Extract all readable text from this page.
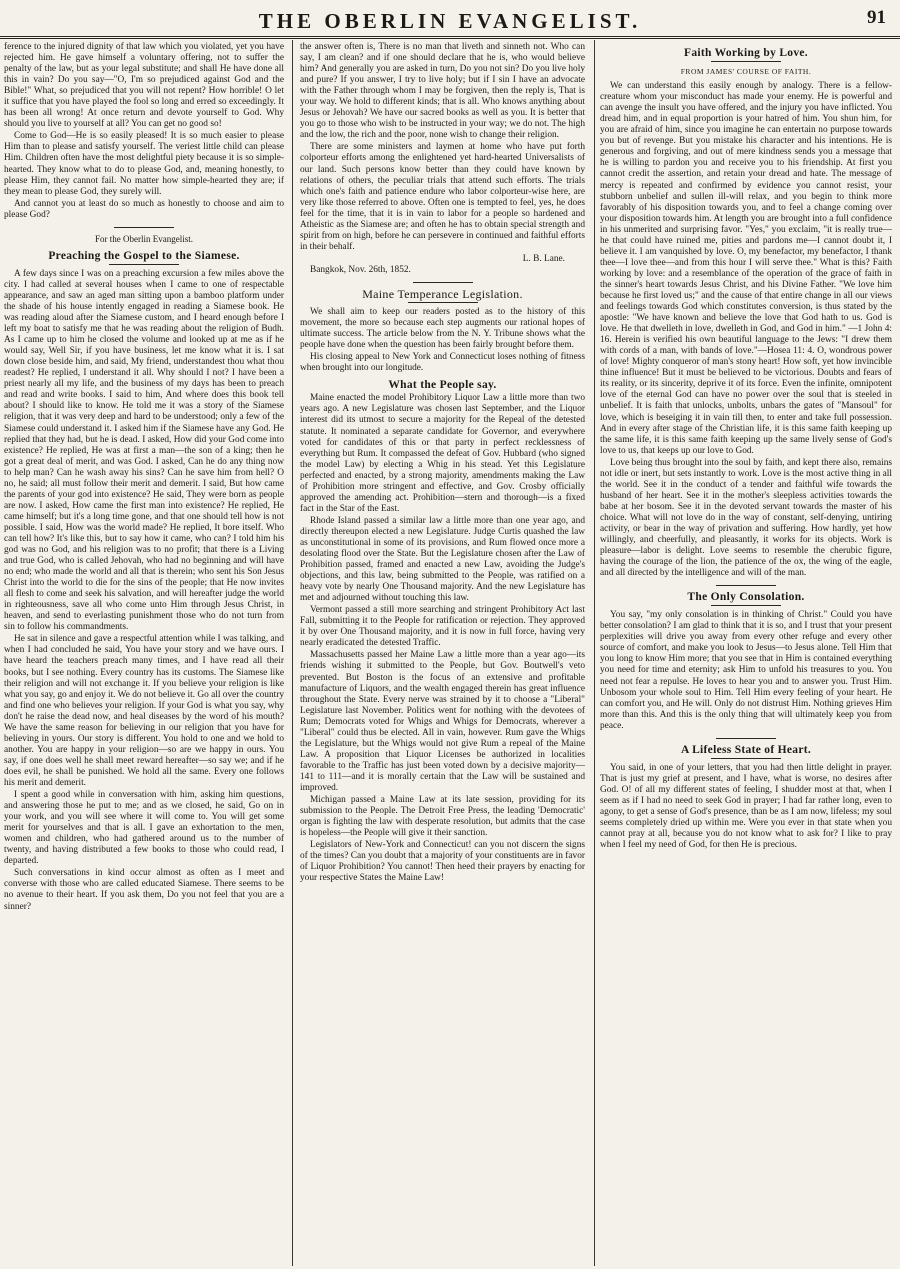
THE OBERLIN EVANGELIST.	91

ference to the injured dignity of that law which you violated, yet you have rejected him. He gave himself a voluntary offering, not to suffer the penalty of the law, but as your legal substitute; and shall He have done all this in vain? Do you say—"O, I'm so prejudiced against God and the Bible!" What, so prejudiced that you will not repent? How horrible! O let it suffice that you have played the fool so long and erred so exceedingly. It has been all wrong! At once return and devote yourself to God. Why should you live to yourself at all? You can get no good so!

Come to God—He is so easily pleased! It is so much easier to please Him than to please and satisfy yourself. The veriest little child can please Him. Children often have the most delightful piety because it is so simple-hearted. They know what to do to please God, and, meaning honestly, to please Him, they cannot fail. No matter how simple-hearted they are; if they mean to please God, they surely will.

And cannot you at least do so much as honestly to choose and aim to please God?

For the Oberlin Evangelist.
Preaching the Gospel to the Siamese.

A few days since I was on a preaching excursion a few miles above the city. I had called at several houses when I came to one of respectable appearance, and saw an aged man sitting upon a bamboo platform under the shade of his house intently engaged in reading a Siamese book. He was reading aloud after the Siamese custom, and I heard enough before I left my boat to satisfy me that he was reading about the religion of Budh. As I came up to him he closed the volume and looked up at me as if he would say, Well Sir, if you have business, let me know what it is. I sat down close beside him, and said, My friend, understandest thou what thou readest? He replied, I understand it all. Why should I not? I have been a priest nearly all my life, and the business of my days has been to preach and read and write books. I said to him, And where does this book tell about? I should like to know. He told me it was a story of the Siamese religion, that it was very deep and hard to be understood; only a few of the Siamese could understand it. I asked him if the Siamese have any God. He replied that they had, but he is dead. I asked, How did your God come into existence? He replied, He was at first a man—the son of a king; then he got a great deal of merit, and was God. I asked, Can he do any thing now to help man? Can he wash away his sins? Can he save him from hell? O no, he said; all must follow their merit and demerit. I said, But how came the parents of your god into existence? He said, They were born as people are now. I asked, How came the first man into existence? He replied, He came himself; but it's a long time gone, and that one should tell how is not possible. I said, How was the world made? He replied, It bore itself. Who can tell how? It's like this, but to say how it came, who can? I told him his god was no God, and his religion was to no profit; that there is a Living and true God, who is called Jehovah, who had no beginning and will have no end; who made the world and all that is therein; who sent his Son Jesus Christ into the world to die for the sins of the people; that He now invites all flesh to come and seek his salvation, and will hereafter judge the world in righteousness, save all who come unto Him through Jesus Christ, in heaven, and send to everlasting punishment those who do not turn from sin to follow his commandments.

He sat in silence and gave a respectful attention while I was talking, and when I had concluded he said, You have your story and we have ours. I have heard the teachers preach many times, and I have read all their books, but I see nothing. Every country has its customs. The Siamese like their religion and will not exchange it. If you believe your religion is like what you say, go and enjoy it. We do not believe it. Go all over the country and find one who believes your religion. If your God is what you say, why don't he raise the dead now, and heal diseases by the word of his mouth? We have the same reason for believing in our religion that you have for believing in yours. Our story is different. You hold to one and we hold to another. You are happy in your religion—so are we happy in ours. You say, if one does well he shall meet reward hereafter—so say we; and if he does evil, he shall be punished. We hold all the same. Every one follows his merit and demerit.

I spent a good while in conversation with him, asking him questions, and answering those he put to me; and as we closed, he said, Go on in your work, and you will see where it will come to. You will get some merit for yourselves and that is all. I gave an exhortation to the men, women and children, who had gathered around us to the number of twenty, and having distributed a few books to those who could read, I departed.

Such conversations in kind occur almost as often as I meet and converse with those who are called educated Siamese. There seems to be no avenue to their heart. If you ask them, Do you not feel that you are a sinner?

the answer often is, There is no man that liveth and sinneth not. Who can say, I am clean? and if one should declare that he is, who would believe him? And generally you are asked in turn, Do you not sin? Do you live holy and pure? If you answer, I try to live holy; but if I sin I have an advocate with the Father through whom I may be forgiven, then the reply is, That is your way. We hold to different kinds; that is all. Who knows anything about Jesus or Jehovah? We have our sacred books as well as you. It is better that you go to those who wish to be instructed in your way; we do not. The high and the low, the rich and the poor, none wish to change their religion.

There are some ministers and laymen at home who have put forth colporteur efforts among the enlightened yet hard-hearted Universalists of our land. Such persons know better than they could have known by relations of others, the peculiar trials that attend such efforts. The trials which one's faith and patience endure who labor colporteur-wise here, are very like those referred to above. Often one is tempted to feel, yes, he does feel for the time, that it is in vain to labor for a people so hardened and Atheistic as the Siamese are; and often he has to obtain special strength and spirit from on high, before he can persevere in continued and faithful efforts in their behalf.

L. B. Lane.
Bangkok, Nov. 26th, 1852.
Maine Temperance Legislation.

We shall aim to keep our readers posted as to the history of this movement, the more so because each step augments our rational hopes of ultimate success. The article below from the N. Y. Tribune shows what the people have done when the question has been fairly brought before them.

His closing appeal to New York and Connecticut loses nothing of fitness when brought into our longitude.

What the People say.

Maine enacted the model Prohibitory Liquor Law a little more than two years ago. A new Legislature was chosen last September, and the Liquor interest did its utmost to secure a majority for the Repeal of the detested statute. It nominated a separate candidate for Governor, and everywhere voted for candidates of this or that party in perfect recklessness of everything but Rum. It compassed the defeat of Gov. Hubbard (who signed the model Law) by electing a Whig in his stead. Yet this Legislature perfected and enacted, by a strong majority, amendments making the Law of Prohibition more stringent and effective, and Gov. Crosby officially approved the amending act. Prohibition—stern and thorough—is a fixed fact in the Star of the East.

Rhode Island passed a similar law a little more than one year ago, and directly thereupon elected a new Legislature. Judge Curtis quashed the law as unconstitutional in some of its provisions, and Rum flowed once more a desolating flood over the State. But the Legislature chosen after the Law of Prohibition passed, framed and enacted a new Law, avoiding the Judge's objections, and this law, being submitted to the People, was ratified on a heavy vote by nearly One Thousand majority. And the new Legislature has met and adjourned without touching this law.

Vermont passed a still more searching and stringent Prohibitory Act last Fall, submitting it to the People for ratification or rejection. They approved it by over One Thousand majority, and it is now in full force, having very nearly eradicated the detested Traffic.

Massachusetts passed her Maine Law a little more than a year ago—its friends wishing it submitted to the People, but Gov. Boutwell's veto prevented. But Boston is the focus of an extensive and profitable manufacture of Liquors, and the wealth engaged therein has great influence throughout the State. Every nerve was strained by it to choose a "Liberal" Legislature last November. Politics went for nothing with the devotees of Rum; Democrats voted for Whigs and Whigs for Democrats, wherever a "Liberal" could thus be elected. All in vain, however. Rum gave the Whigs the Legislature, but the Whigs would not give Rum a repeal of the Maine Law. A proposition that Liquor Licenses be authorized in localities favorable to the Traffic has just been voted down by a decisive majority—141 to 111—and it is morally certain that the Law will be sustained and improved.

Michigan passed a Maine Law at its late session, providing for its submission to the People. The Detroit Free Press, the leading 'Democratic' organ is fighting the law with desperate resolution, but admits that the case is hopeless—the People will give it their sanction.

Legislators of New-York and Connecticut! can you not discern the signs of the times? Can you doubt that a majority of your constituents are in favor of Liquor Prohibition? You cannot! Then heed their prayers by enacting for your respective States the Maine Law!

Faith Working by Love.
FROM JAMES' COURSE OF FAITH.

We can understand this easily enough by analogy. There is a fellow-creature whom your misconduct has made your enemy. He is powerful and can avenge the insult you have offered, and the injury you have inflicted. You dread him, and in equal proportion is your hatred of him. You shun him, for you are afraid of him, since you imagine he can entertain no purpose towards you but of revenge. But you mistake his character and his intentions. He is generous and forgiving, and out of mere kindness sends you a message that he is willing to pardon you and receive you to his friendship. At first you cannot credit the assertion, and retain your dread and hate. The message of mercy is repeated and confirmed by evidence you cannot resist, your stubborn unbelief and sullen ill-will relax, and you begin to think more favorably of his disposition towards you, and to feel a change coming over your disposition towards him. At length you are brought into a full confidence in his unmerited and surprising favor. "Yes," you exclaim, "it is really true—he that could have ruined me, pities and pardons me—I cannot doubt it, I believe it. I am vanquished by love. O, my benefactor, my benefactor, I thank thee—I love thee—and from this hour I will serve thee." What is this? Faith working by love: and a resemblance of the operation of the grace of faith in the sinner's heart towards Jesus Christ, and his Divine Father. "We love him because he first loved us;" and the cause of that entire change in all our views and feelings towards God which constitutes conversion, is thus stated by the apostle: "We have known and believe the love that God hath to us. God is love. He that dwelleth in love, dwelleth in God, and God in him." —1 John 4: 16. Herein is verified his own beautiful language to the Jews: "I drew them with cords of a man, with bands of love."—Hosea 11: 4. O, wondrous power of love! Mighty conqueror of man's stony heart! How soft, yet how invincible thine influence! But it must be believed to be victorious. Doubts and fears of its reality, or its sincerity, deprive it of its force. Even the infinite, omnipotent love of the eternal God can have no power over the soul that is steeled in unbelief. It is faith that unlocks, unbolts, unbars the gates of "Mansoul" for love, which is beseiging it in vain till then, to enter and take full possession. And in every after stage of the Christian life, it is this same faith keeping up the same life, it is this same faith keeping up the same lively sense of God's love to us, that keeps up our love to God.

Love being thus brought into the soul by faith, and kept there also, remains not idle or inert, but sets instantly to work. Love is the most active thing in all the world. See it in the conduct of a tender and faithful wife towards the husband of her heart. See it in the mother's sleepless activities towards the babe at her bosom. See it in the devoted servant towards the master of his choice. What will not love do in the way of constant, self-denying, untiring activity, or bear in the way of privation and suffering. How hardly, yet how willingly, and cheerfully, and pleasantly, it works for its objects. Work is pleasure—labor is delight. Love seems to resemble the cherubic figure, having the courage of the lion, the patience of the ox, the wing of the eagle, and all directed by the intelligence and will of the man.

The Only Consolation.

You say, "my only consolation is in thinking of Christ." Could you have better consolation? I am glad to think that it is so, and I trust that your present perplexities will drive you away from every other refuge and every other source of comfort, and make you look to Jesus—to Jesus alone. Tell Him that you long to know Him more; that you see that in Him is contained everything you need for time and eternity; ask Him to unfold his treasures to you. You need not fear a repulse. He loves to hear you and to answer you. Trust Him. Unbosom your whole soul to Him. Tell Him every feeling of your heart. He can comfort you, and He will. Only do not distrust Him. Nothing grieves Him more than this. And this is the only thing that will ultimately keep you from peace.

A Lifeless State of Heart.

You said, in one of your letters, that you had then little delight in prayer. That is just my grief at present, and I have, what is worse, no desires after God. O! of all my different states of feeling, I shudder most at that, when I seem as if I had no need to seek God in prayer; I had far rather long, even to agony, to get a sense of God's presence, than be as I am now, lifeless; my soul seems completely dried up within me. Were you ever in that state when you cannot pray at all, because you do not know what to ask for? I like to pray when I feel my need of God, for then He is precious.
